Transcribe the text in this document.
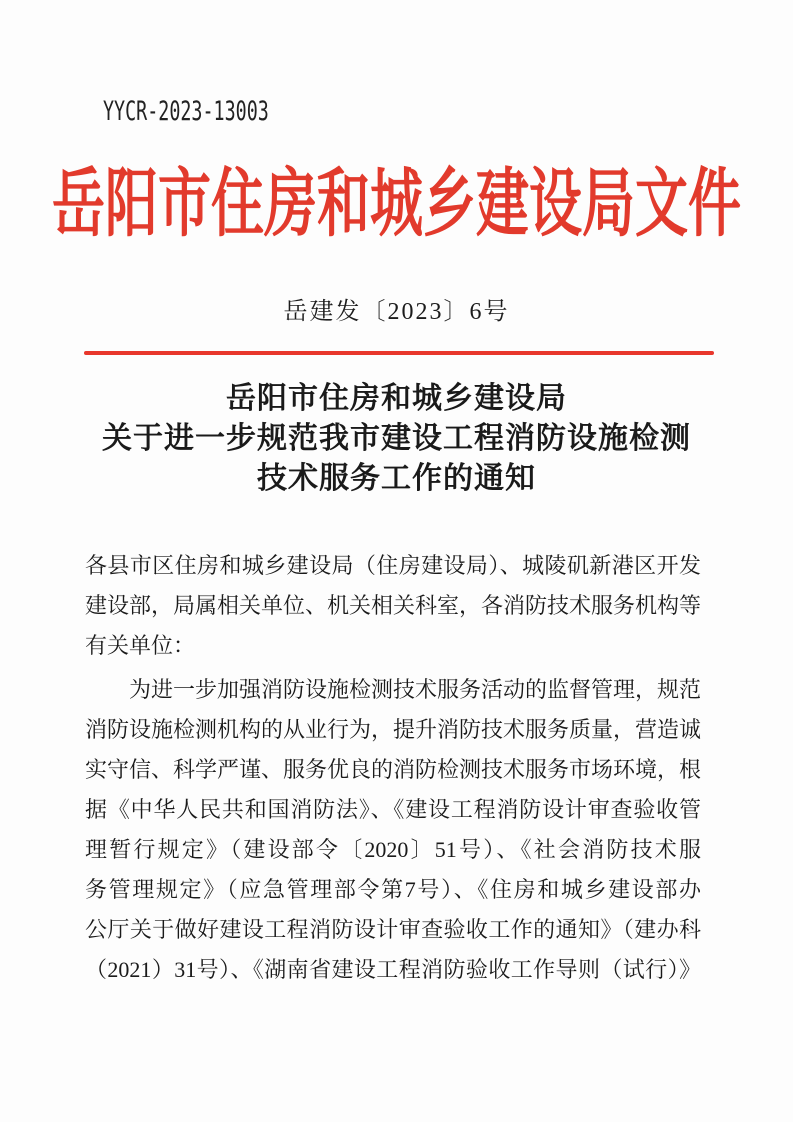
YYCR-2023-13003
岳阳市住房和城乡建设局文件
岳建发〔2023〕6号
岳阳市住房和城乡建设局
关于进一步规范我市建设工程消防设施检测
技术服务工作的通知

各县市区住房和城乡建设局（住房建设局）、城陵矶新港区开发

建设部，局属相关单位、机关相关科室，各消防技术服务机构等

有关单位：

为进一步加强消防设施检测技术服务活动的监督管理，规范

消防设施检测机构的从业行为，提升消防技术服务质量，营造诚

实守信、科学严谨、服务优良的消防检测技术服务市场环境，根

据《中华人民共和国消防法》、《建设工程消防设计审查验收管

理暂行规定》（建设部令〔2020〕51号）、《社会消防技术服

务管理规定》（应急管理部令第7号）、《住房和城乡建设部办

公厅关于做好建设工程消防设计审查验收工作的通知》（建办科

（2021）31号）、《湖南省建设工程消防验收工作导则（试行）》
